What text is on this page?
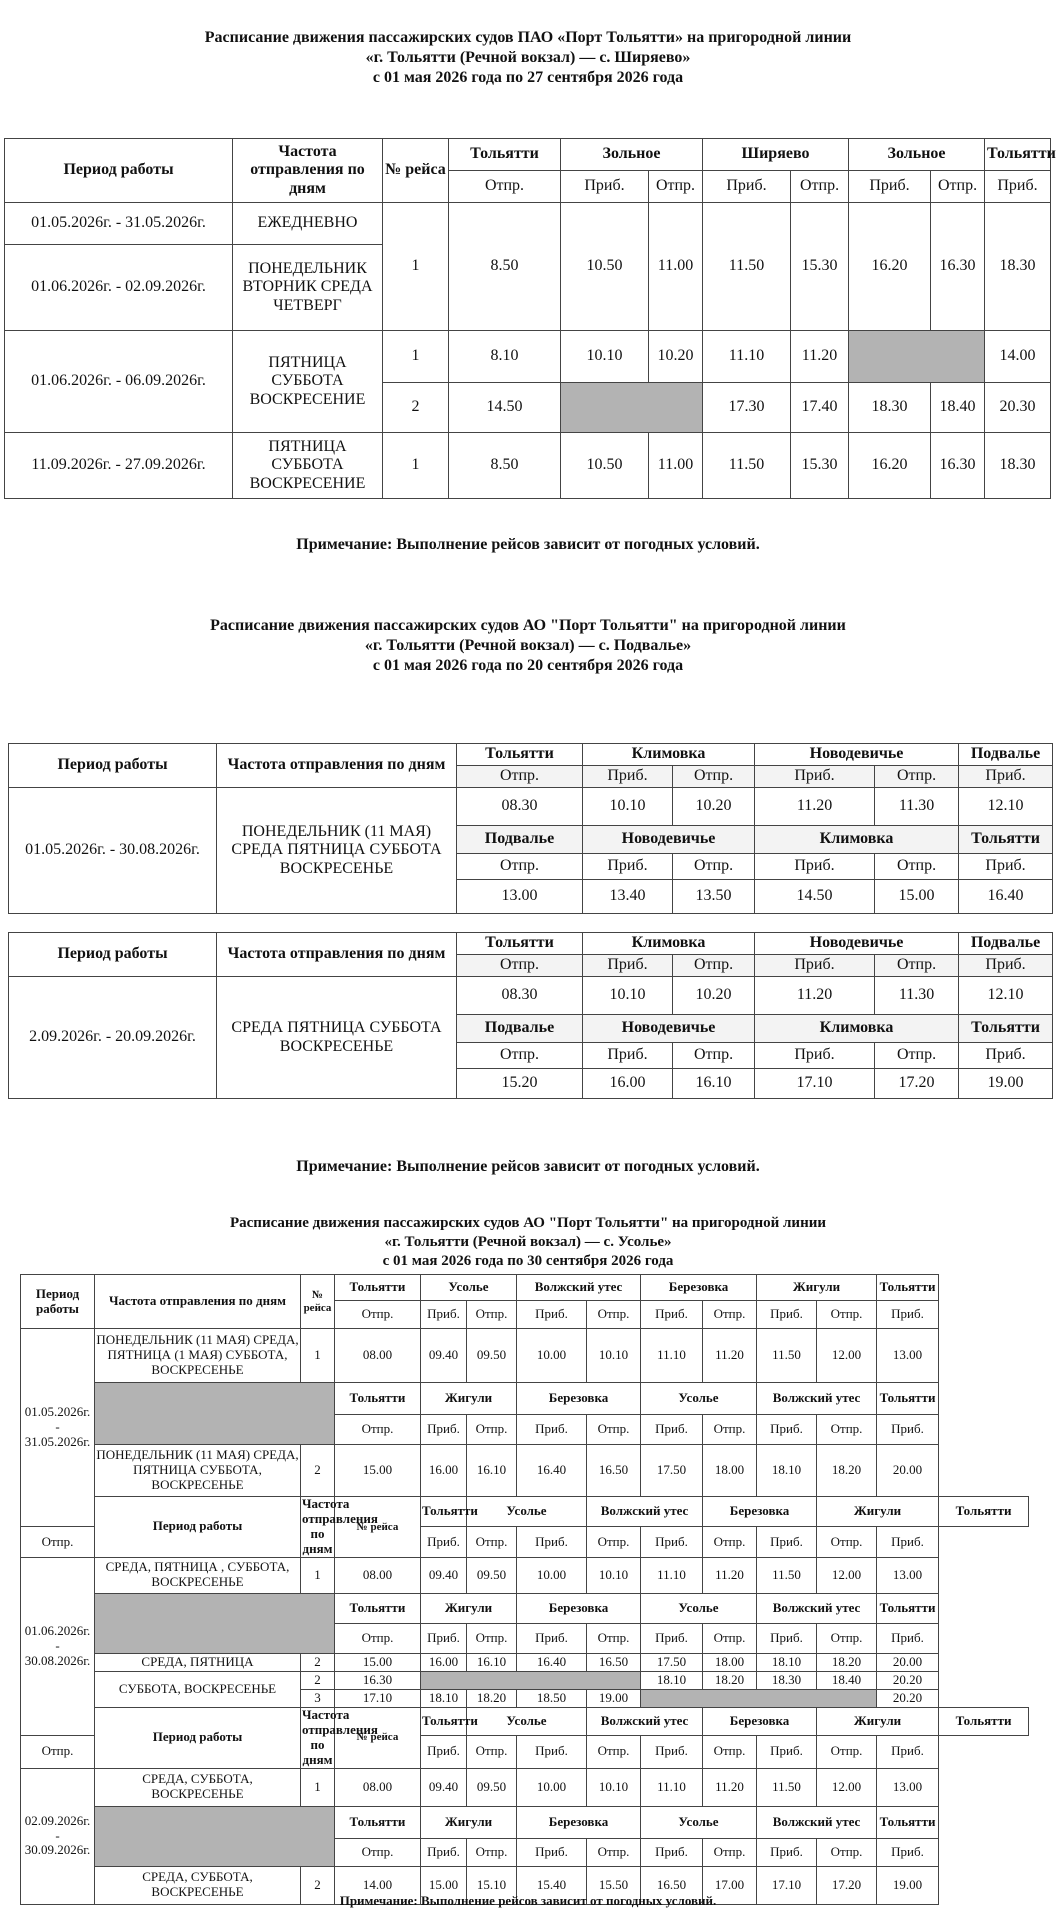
Расписание движения пассажирских судов ПАО «Порт Тольятти» на пригородной линии
«г. Тольятти (Речной вокзал) — с. Ширяево»
с 01 мая 2026 года по 27 сентября 2026 года
Период работы	Частота отправления по дням	№ рейса	Тольятти	Зольное		Ширяево		Зольное		Тольятти
			Отпр.	Приб.	Отпр.	Приб.	Отпр.	Приб.	Отпр.	Приб.
01.05.2026г. - 31.05.2026г.	ЕЖЕДНЕВНО	1	8.50	10.50	11.00	11.50	15.30	16.20	16.30	18.30
01.06.2026г. - 02.09.2026г.	ПОНЕДЕЛЬНИК ВТОРНИК СРЕДА ЧЕТВЕРГ									
01.06.2026г. - 06.09.2026г.	ПЯТНИЦА СУББОТА ВОСКРЕСЕНИЕ	1	8.10	10.10	10.20	11.10	11.20			14.00
		2	14.50			17.30	17.40	18.30	18.40	20.30
11.09.2026г. - 27.09.2026г.	ПЯТНИЦА СУББОТА ВОСКРЕСЕНИЕ	1	8.50	10.50	11.00	11.50	15.30	16.20	16.30	18.30
Примечание: Выполнение рейсов зависит от погодных условий.
Расписание движения пассажирских судов АО "Порт Тольятти" на пригородной линии
«г. Тольятти (Речной вокзал) — с. Подвалье»
с 01 мая 2026 года по 20 сентября 2026 года
Период работы	Частота отправления по дням	Тольятти	Климовка		Новодевичье		Подвалье
		Отпр.	Приб.	Отпр.	Приб.	Отпр.	Приб.
01.05.2026г. - 30.08.2026г.	ПОНЕДЕЛЬНИК (11 МАЯ) СРЕДА ПЯТНИЦА СУББОТА ВОСКРЕСЕНЬЕ	08.30	10.10	10.20	11.20	11.30	12.10
		Подвалье	Новодевичье		Климовка		Тольятти
		Отпр.	Приб.	Отпр.	Приб.	Отпр.	Приб.
		13.00	13.40	13.50	14.50	15.00	16.40
Период работы	Частота отправления по дням	Тольятти	Климовка		Новодевичье		Подвалье
		Отпр.	Приб.	Отпр.	Приб.	Отпр.	Приб.
2.09.2026г. - 20.09.2026г.	СРЕДА ПЯТНИЦА СУББОТА ВОСКРЕСЕНЬЕ	08.30	10.10	10.20	11.20	11.30	12.10
		Подвалье	Новодевичье		Климовка		Тольятти
		Отпр.	Приб.	Отпр.	Приб.	Отпр.	Приб.
		15.20	16.00	16.10	17.10	17.20	19.00
Примечание: Выполнение рейсов зависит от погодных условий.
Расписание движения пассажирских судов АО "Порт Тольятти" на пригородной линии
«г. Тольятти (Речной вокзал) — с. Усолье»
с 01 мая 2026 года по 30 сентября 2026 года
Период работы	Частота отправления по дням	№ рейса	Тольятти	Усолье		Волжский утес		Березовка		Жигули		Тольятти	
			Отпр.	Приб.	Отпр.	Приб.	Отпр.	Приб.	Отпр.	Приб.	Отпр.	Приб.	
01.05.2026г. - 31.05.2026г.	ПОНЕДЕЛЬНИК (11 МАЯ) СРЕДА, ПЯТНИЦА (1 МАЯ) СУББОТА, ВОСКРЕСЕНЬЕ	1	08.00	09.40	09.50	10.00	10.10	11.10	11.20	11.50	12.00	13.00	
			Тольятти	Жигули		Березовка		Усолье		Волжский утес		Тольятти	
			Отпр.	Приб.	Отпр.	Приб.	Отпр.	Приб.	Отпр.	Приб.	Отпр.	Приб.	
	ПОНЕДЕЛЬНИК (11 МАЯ) СРЕДА, ПЯТНИЦА СУББОТА, ВОСКРЕСЕНЬЕ	2	15.00	16.00	16.10	16.40	16.50	17.50	18.00	18.10	18.20	20.00	
	Период работы	Частота отправления по дням	№ рейса	Тольятти	Усолье		Волжский утес		Березовка		Жигули		Тольятти
Отпр.				Приб.	Отпр.	Приб.	Отпр.	Приб.	Отпр.	Приб.	Отпр.	Приб.	
01.06.2026г. - 30.08.2026г.	СРЕДА, ПЯТНИЦА , СУББОТА, ВОСКРЕСЕНЬЕ	1	08.00	09.40	09.50	10.00	10.10	11.10	11.20	11.50	12.00	13.00	
			Тольятти	Жигули		Березовка		Усолье		Волжский утес		Тольятти	
			Отпр.	Приб.	Отпр.	Приб.	Отпр.	Приб.	Отпр.	Приб.	Отпр.	Приб.	
	СРЕДА, ПЯТНИЦА	2	15.00	16.00	16.10	16.40	16.50	17.50	18.00	18.10	18.20	20.00	
	СУББОТА, ВОСКРЕСЕНЬЕ	2	16.30					18.10	18.20	18.30	18.40	20.20	
		3	17.10	18.10	18.20	18.50	19.00					20.20	
	Период работы	Частота отправления по дням	№ рейса	Тольятти	Усолье		Волжский утес		Березовка		Жигули		Тольятти
Отпр.				Приб.	Отпр.	Приб.	Отпр.	Приб.	Отпр.	Приб.	Отпр.	Приб.	
02.09.2026г. - 30.09.2026г.	СРЕДА, СУББОТА, ВОСКРЕСЕНЬЕ	1	08.00	09.40	09.50	10.00	10.10	11.10	11.20	11.50	12.00	13.00	
			Тольятти	Жигули		Березовка		Усолье		Волжский утес		Тольятти	
			Отпр.	Приб.	Отпр.	Приб.	Отпр.	Приб.	Отпр.	Приб.	Отпр.	Приб.	
	СРЕДА, СУББОТА, ВОСКРЕСЕНЬЕ	2	14.00	15.00	15.10	15.40	15.50	16.50	17.00	17.10	17.20	19.00	
Примечание: Выполнение рейсов зависит от погодных условий.
